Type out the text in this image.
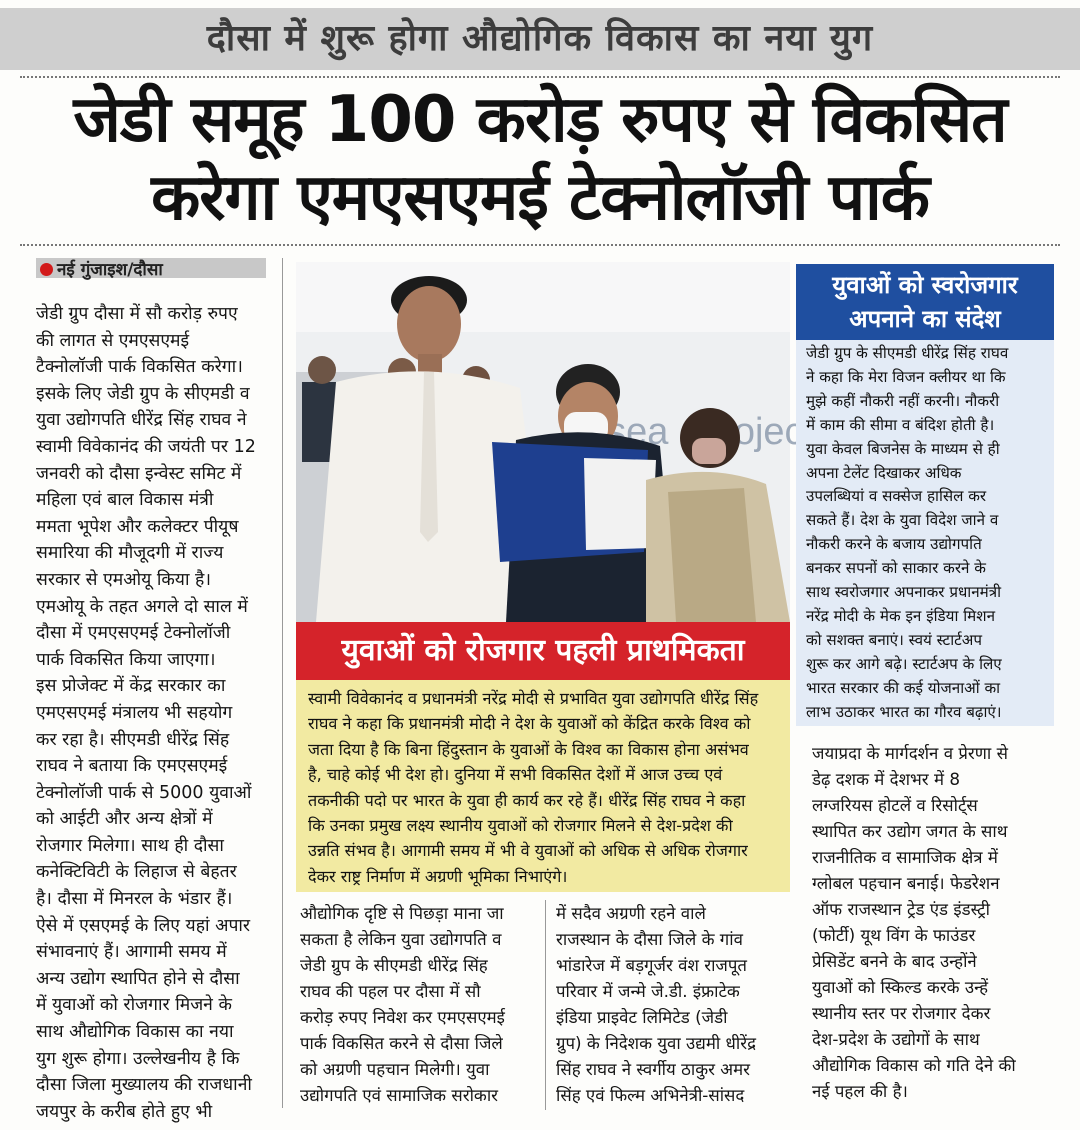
दौसा में शुरू होगा औद्योगिक विकास का नया युग
जेडी समूह 100 करोड़ रुपए से विकसित
करेगा एमएसएमई टेक्नोलॉजी पार्क
नई गुंजाइश/दौसा
जेडी ग्रुप दौसा में सौ करोड़ रुपए
की लागत से एमएसएमई
टैक्नोलॉजी पार्क विकसित करेगा।
इसके लिए जेडी ग्रुप के सीएमडी व
युवा उद्योगपति धीरेंद्र सिंह राघव ने
स्वामी विवेकानंद की जयंती पर 12
जनवरी को दौसा इन्वेस्ट समिट में
महिला एवं बाल विकास मंत्री
ममता भूपेश और कलेक्टर पीयूष
समारिया की मौजूदगी में राज्य
सरकार से एमओयू किया है।
एमओयू के तहत अगले दो साल में
दौसा में एमएसएमई टेक्नोलॉजी
पार्क विकसित किया जाएगा।
इस प्रोजेक्ट में केंद्र सरकार का
एमएसएमई मंत्रालय भी सहयोग
कर रहा है। सीएमडी धीरेंद्र सिंह
राघव ने बताया कि एमएसएमई
टेक्नोलॉजी पार्क से 5000 युवाओं
को आईटी और अन्य क्षेत्रों में
रोजगार मिलेगा। साथ ही दौसा
कनेक्टिविटी के लिहाज से बेहतर
है। दौसा में मिनरल के भंडार हैं।
ऐसे में एसएमई के लिए यहां अपार
संभावनाएं हैं। आगामी समय में
अन्य उद्योग स्थापित होने से दौसा
में युवाओं को रोजगार मिजने के
साथ औद्योगिक विकास का नया
युग शुरू होगा। उल्लेखनीय है कि
दौसा जिला मुख्यालय की राजधानी
जयपुर के करीब होते हुए भी
usea rojects.
युवाओं को रोजगार पहली प्राथमिकता
स्वामी विवेकानंद व प्रधानमंत्री नरेंद्र मोदी से प्रभावित युवा उद्योगपति धीरेंद्र सिंह
राघव ने कहा कि प्रधानमंत्री मोदी ने देश के युवाओं को केंद्रित करके विश्व को
जता दिया है कि बिना हिंदुस्तान के युवाओं के विश्व का विकास होना असंभव
है, चाहे कोई भी देश हो। दुनिया में सभी विकसित देशों में आज उच्च एवं
तकनीकी पदो पर भारत के युवा ही कार्य कर रहे हैं। धीरेंद्र सिंह राघव ने कहा
कि उनका प्रमुख लक्ष्य स्थानीय युवाओं को रोजगार मिलने से देश-प्रदेश की
उन्नति संभव है। आगामी समय में भी वे युवाओं को अधिक से अधिक रोजगार
देकर राष्ट्र निर्माण में अग्रणी भूमिका निभाएंगे।
औद्योगिक दृष्टि से पिछड़ा माना जा
सकता है लेकिन युवा उद्योगपति व
जेडी ग्रुप के सीएमडी धीरेंद्र सिंह
राघव की पहल पर दौसा में सौ
करोड़ रुपए निवेश कर एमएसएमई
पार्क विकसित करने से दौसा जिले
को अग्रणी पहचान मिलेगी। युवा
उद्योगपति एवं सामाजिक सरोकार
में सदैव अग्रणी रहने वाले
राजस्थान के दौसा जिले के गांव
भांडारेज में बड़गूर्जर वंश राजपूत
परिवार में जन्मे जे.डी. इंफ्राटेक
इंडिया प्राइवेट लिमिटेड (जेडी
ग्रुप) के निदेशक युवा उद्यमी धीरेंद्र
सिंह राघव ने स्वर्गीय ठाकुर अमर
सिंह एवं फिल्म अभिनेत्री-सांसद
युवाओं को स्वरोजगार
अपनाने का संदेश
जेडी ग्रुप के सीएमडी धीरेंद्र सिंह राघव
ने कहा कि मेरा विजन क्लीयर था कि
मुझे कहीं नौकरी नहीं करनी। नौकरी
में काम की सीमा व बंदिश होती है।
युवा केवल बिजनेस के माध्यम से ही
अपना टेलेंट दिखाकर अधिक
उपलब्धियां व सक्सेज हासिल कर
सकते हैं। देश के युवा विदेश जाने व
नौकरी करने के बजाय उद्योगपति
बनकर सपनों को साकार करने के
साथ स्वरोजगार अपनाकर प्रधानमंत्री
नरेंद्र मोदी के मेक इन इंडिया मिशन
को सशक्त बनाएं। स्वयं स्टार्टअप
शुरू कर आगे बढ़े। स्टार्टअप के लिए
भारत सरकार की कई योजनाओं का
लाभ उठाकर भारत का गौरव बढ़ाएं।
जयाप्रदा के मार्गदर्शन व प्रेरणा से
डेढ़ दशक में देशभर में 8
लग्जरियस होटलें व रिसोर्ट्स
स्थापित कर उद्योग जगत के साथ
राजनीतिक व सामाजिक क्षेत्र में
ग्लोबल पहचान बनाई। फेडरेशन
ऑफ राजस्थान ट्रेड एंड इंडस्ट्री
(फोर्टी) यूथ विंग के फाउंडर
प्रेसिडेंट बनने के बाद उन्होंने
युवाओं को स्किल्ड करके उन्हें
स्थानीय स्तर पर रोजगार देकर
देश-प्रदेश के उद्योगों के साथ
औद्योगिक विकास को गति देने की
नई पहल की है।
